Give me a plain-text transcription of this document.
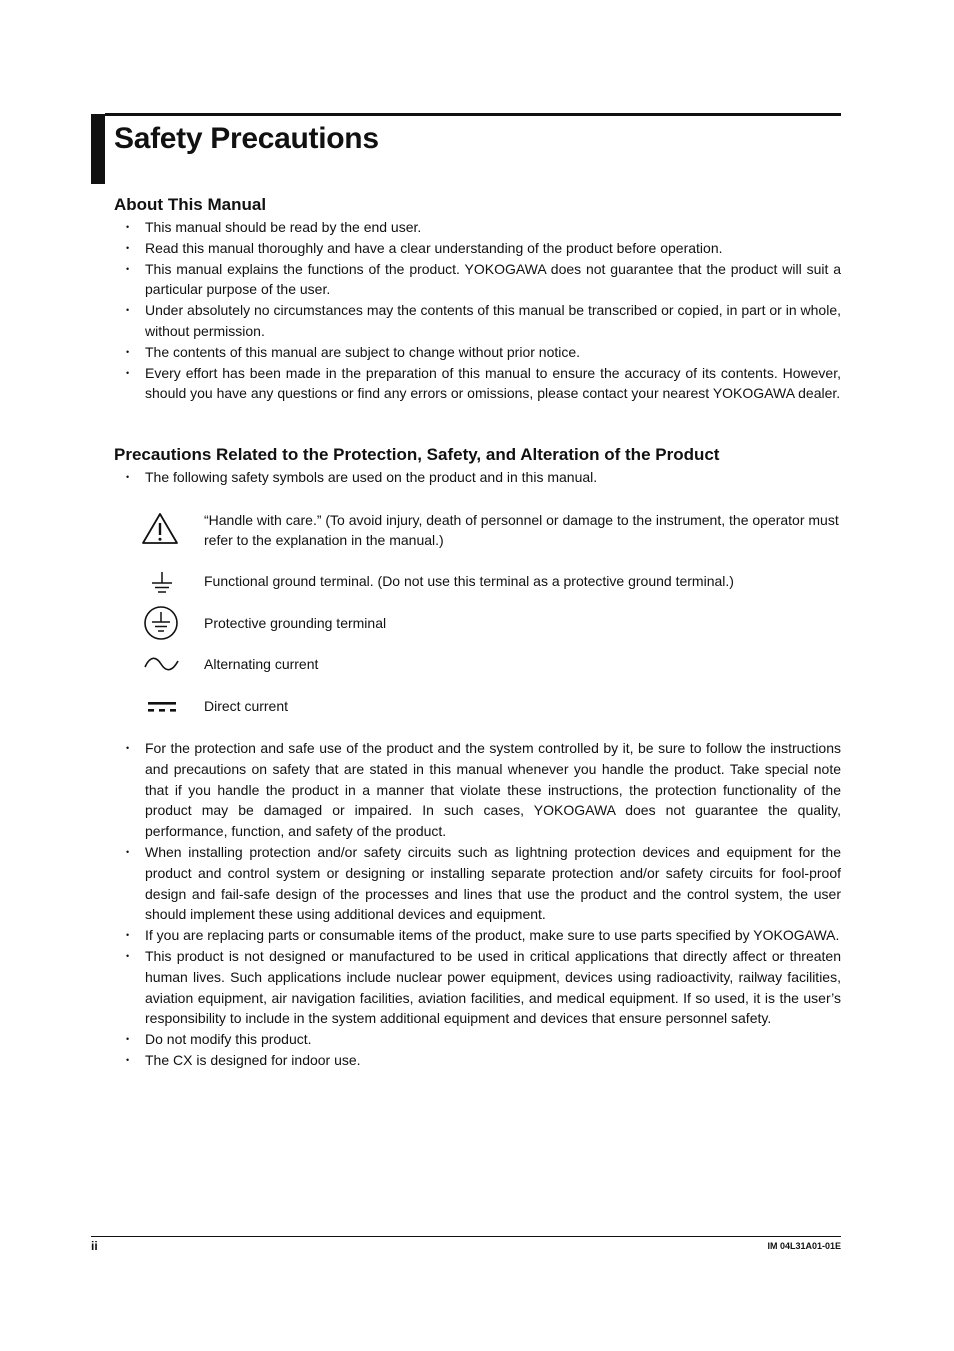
Safety Precautions
About This Manual
• This manual should be read by the end user.
• Read this manual thoroughly and have a clear understanding of the product before operation.
• This manual explains the functions of the product. YOKOGAWA does not guarantee that the product will suit a particular purpose of the user.
• Under absolutely no circumstances may the contents of this manual be transcribed or copied, in part or in whole, without permission.
• The contents of this manual are subject to change without prior notice.
• Every effort has been made in the preparation of this manual to ensure the accuracy of its contents. However, should you have any questions or find any errors or omissions, please contact your nearest YOKOGAWA dealer.
Precautions Related to the Protection, Safety, and Alteration of the Product
• The following safety symbols are used on the product and in this manual.
“Handle with care.” (To avoid injury, death of personnel or damage to the instrument, the operator must refer to the explanation in the manual.)
Functional ground terminal. (Do not use this terminal as a protective ground terminal.)
Protective grounding terminal
Alternating current
Direct current
• For the protection and safe use of the product and the system controlled by it, be sure to follow the instructions and precautions on safety that are stated in this manual whenever you handle the product. Take special note that if you handle the product in a manner that violate these instructions, the protection functionality of the product may be damaged or impaired. In such cases, YOKOGAWA does not guarantee the quality, performance, function, and safety of the product.
• When installing protection and/or safety circuits such as lightning protection devices and equipment for the product and control system or designing or installing separate protection and/or safety circuits for fool-proof design and fail-safe design of the processes and lines that use the product and the control system, the user should implement these using additional devices and equipment.
• If you are replacing parts or consumable items of the product, make sure to use parts specified by YOKOGAWA.
• This product is not designed or manufactured to be used in critical applications that directly affect or threaten human lives. Such applications include nuclear power equipment, devices using radioactivity, railway facilities, aviation equipment, air navigation facilities, aviation facilities, and medical equipment. If so used, it is the user’s responsibility to include in the system additional equipment and devices that ensure personnel safety.
• Do not modify this product.
• The CX is designed for indoor use.
ii	IM 04L31A01-01E
